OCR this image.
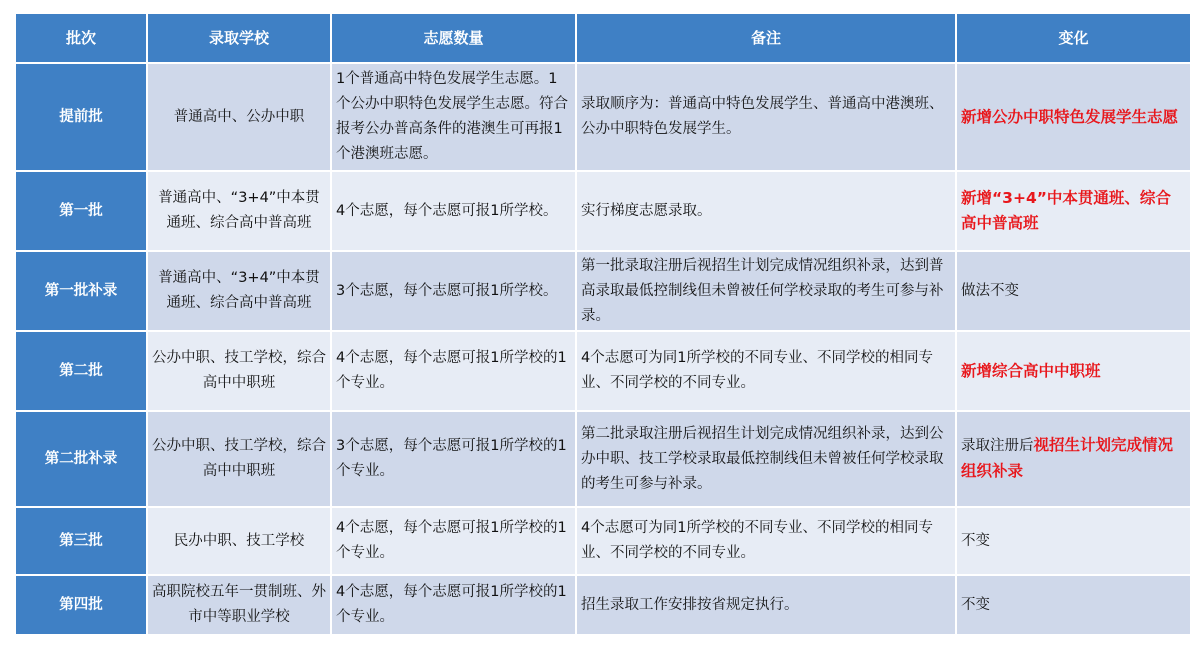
批次	录取学校	志愿数量	备注	变化
提前批	普通高中、公办中职	1个普通高中特色发展学生志愿。1个公办中职特色发展学生志愿。符合报考公办普高条件的港澳生可再报1个港澳班志愿。	录取顺序为：普通高中特色发展学生、普通高中港澳班、公办中职特色发展学生。	新增公办中职特色发展学生志愿
第一批	普通高中、“3+4”中本贯通班、综合高中普高班	4个志愿，每个志愿可报1所学校。	实行梯度志愿录取。	新增“3+4”中本贯通班、综合高中普高班
第一批补录	普通高中、“3+4”中本贯通班、综合高中普高班	3个志愿，每个志愿可报1所学校。	第一批录取注册后视招生计划完成情况组织补录，达到普高录取最低控制线但未曾被任何学校录取的考生可参与补录。	做法不变
第二批	公办中职、技工学校，综合高中中职班	4个志愿，每个志愿可报1所学校的1个专业。	4个志愿可为同1所学校的不同专业、不同学校的相同专业、不同学校的不同专业。	新增综合高中中职班
第二批补录	公办中职、技工学校，综合高中中职班	3个志愿，每个志愿可报1所学校的1个专业。	第二批录取注册后视招生计划完成情况组织补录，达到公办中职、技工学校录取最低控制线但未曾被任何学校录取的考生可参与补录。	录取注册后视招生计划完成情况组织补录
第三批	民办中职、技工学校	4个志愿，每个志愿可报1所学校的1个专业。	4个志愿可为同1所学校的不同专业、不同学校的相同专业、不同学校的不同专业。	不变
第四批	高职院校五年一贯制班、外市中等职业学校	4个志愿，每个志愿可报1所学校的1个专业。	招生录取工作安排按省规定执行。	不变
